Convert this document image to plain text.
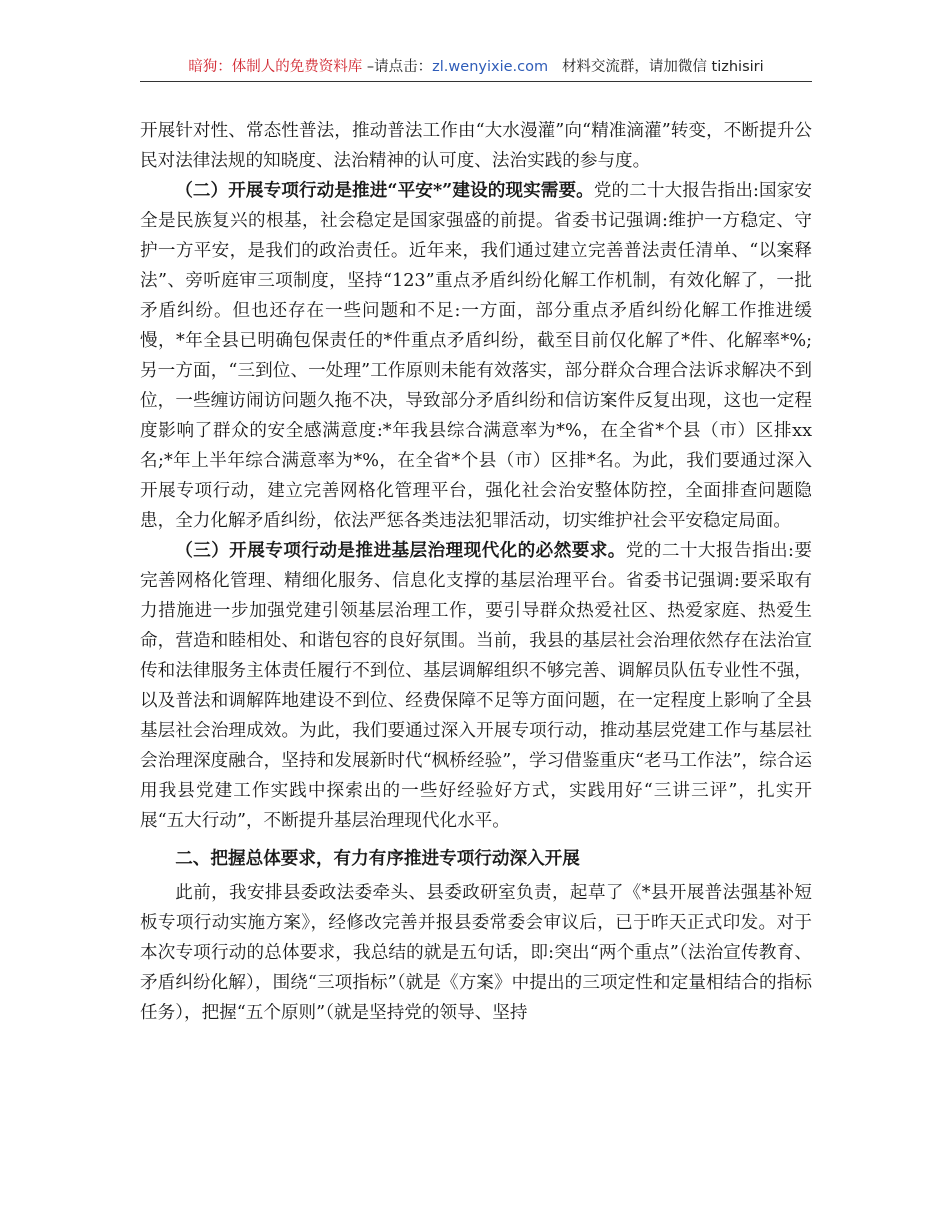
暗狗：体制人的免费资料库 –请点击：zl.wenyixie.com 材料交流群，请加微信 tizhisiri

开展针对性、常态性普法，推动普法工作由“大水漫灌”向“精准滴灌”转变，不断提升公民对法律法规的知晓度、法治精神的认可度、法治实践的参与度。

（二）开展专项行动是推进“平安*”建设的现实需要。党的二十大报告指出:国家安全是民族复兴的根基，社会稳定是国家强盛的前提。省委书记强调:维护一方稳定、守护一方平安，是我们的政治责任。近年来，我们通过建立完善普法责任清单、“以案释法”、旁听庭审三项制度，坚持“123”重点矛盾纠纷化解工作机制，有效化解了，一批矛盾纠纷。但也还存在一些问题和不足:一方面，部分重点矛盾纠纷化解工作推进缓慢，*年全县已明确包保责任的*件重点矛盾纠纷，截至目前仅化解了*件、化解率*%;另一方面，“三到位、一处理”工作原则未能有效落实，部分群众合理合法诉求解决不到位，一些缠访闹访问题久拖不决，导致部分矛盾纠纷和信访案件反复出现，这也一定程度影响了群众的安全感满意度:*年我县综合满意率为*%，在全省*个县（市）区排xx名;*年上半年综合满意率为*%，在全省*个县（市）区排*名。为此，我们要通过深入开展专项行动，建立完善网格化管理平台，强化社会治安整体防控，全面排查问题隐患，全力化解矛盾纠纷，依法严惩各类违法犯罪活动，切实维护社会平安稳定局面。

（三）开展专项行动是推进基层治理现代化的必然要求。党的二十大报告指出:要完善网格化管理、精细化服务、信息化支撑的基层治理平台。省委书记强调:要采取有力措施进一步加强党建引领基层治理工作，要引导群众热爱社区、热爱家庭、热爱生命，营造和睦相处、和谐包容的良好氛围。当前，我县的基层社会治理依然存在法治宣传和法律服务主体责任履行不到位、基层调解组织不够完善、调解员队伍专业性不强，以及普法和调解阵地建设不到位、经费保障不足等方面问题，在一定程度上影响了全县基层社会治理成效。为此，我们要通过深入开展专项行动，推动基层党建工作与基层社会治理深度融合，坚持和发展新时代“枫桥经验”，学习借鉴重庆“老马工作法”，综合运用我县党建工作实践中探索出的一些好经验好方式，实践用好“三讲三评”，扎实开展“五大行动”，不断提升基层治理现代化水平。

二、把握总体要求，有力有序推进专项行动深入开展

此前，我安排县委政法委牵头、县委政研室负责，起草了《*县开展普法强基补短板专项行动实施方案》，经修改完善并报县委常委会审议后，已于昨天正式印发。对于本次专项行动的总体要求，我总结的就是五句话，即:突出“两个重点”（法治宣传教育、矛盾纠纷化解），围绕“三项指标”（就是《方案》中提出的三项定性和定量相结合的指标任务），把握“五个原则”（就是坚持党的领导、坚持
